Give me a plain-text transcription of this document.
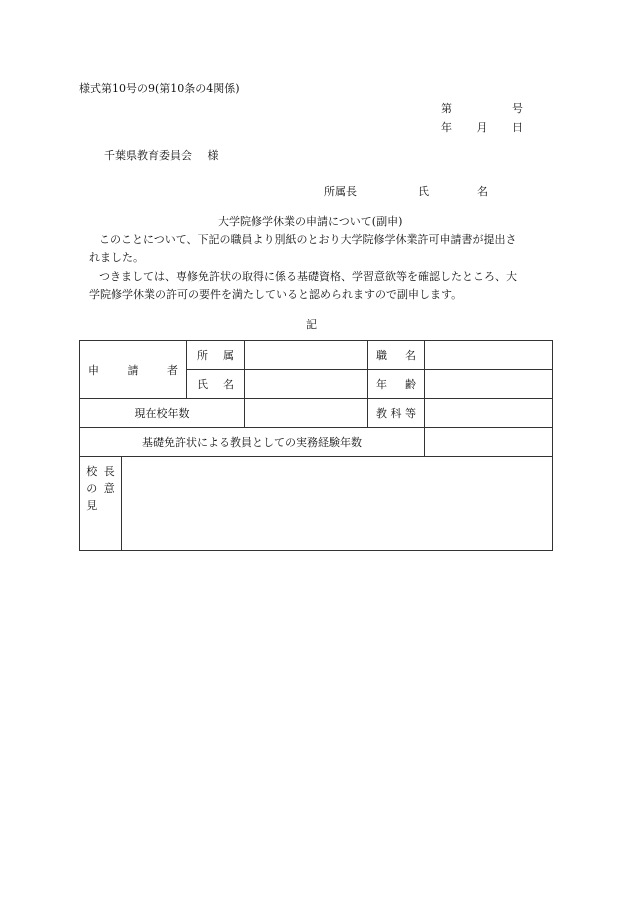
様式第10号の9(第10条の4関係)
第	号
年 月 日
千葉県教育委員会 様
所属長	氏	名
大学院修学休業の申請について(副申)
このことについて、下記の職員より別紙のとおり大学院修学休業許可申請書が提出さ
れました。
つきましては、専修免許状の取得に係る基礎資格、学習意欲等を確認したところ、大
学院修学休業の許可の要件を満たしていると認められますので副申します。
記
申 請 者		所 属		職 名	

		氏 名		年 齢	

現在校年数				教 科 等	
基礎免許状による教員としての実務経験年数					

校 長
の 意
見					
